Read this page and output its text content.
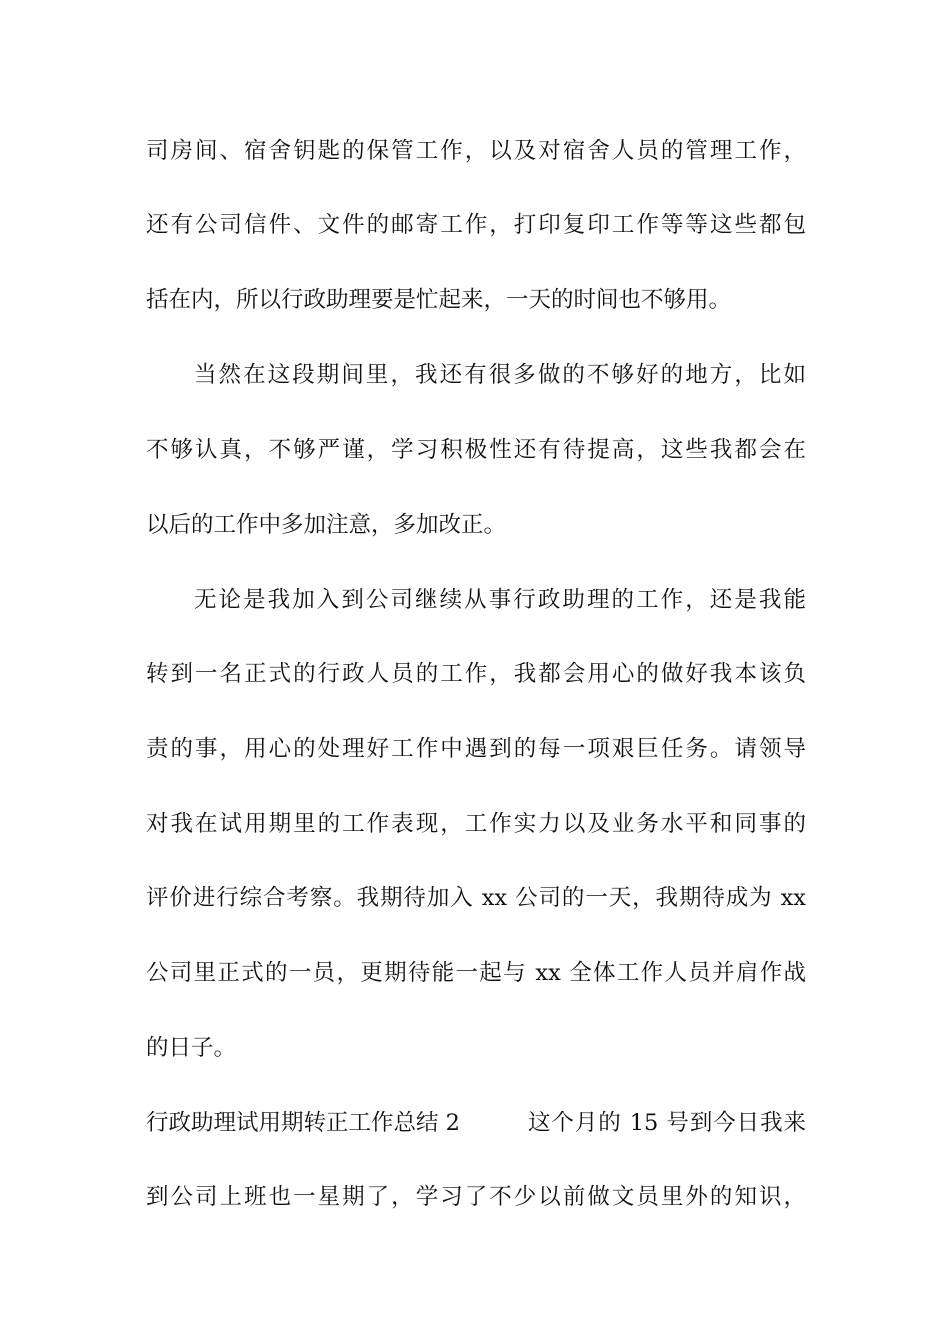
司房间、宿舍钥匙的保管工作，以及对宿舍人员的管理工作，
还有公司信件、文件的邮寄工作，打印复印工作等等这些都包
括在内，所以行政助理要是忙起来，一天的时间也不够用。
当然在这段期间里，我还有很多做的不够好的地方，比如
不够认真，不够严谨，学习积极性还有待提高，这些我都会在
以后的工作中多加注意，多加改正。
无论是我加入到公司继续从事行政助理的工作，还是我能
转到一名正式的行政人员的工作，我都会用心的做好我本该负
责的事，用心的处理好工作中遇到的每一项艰巨任务。请领导
对我在试用期里的工作表现，工作实力以及业务水平和同事的
评价进行综合考察。我期待加入 xx 公司的一天，我期待成为 xx
公司里正式的一员，更期待能一起与 xx 全体工作人员并肩作战
的日子。
行政助理试用期转正工作总结 2	这个月的 15 号到今日我来
到公司上班也一星期了，学习了不少以前做文员里外的知识，
